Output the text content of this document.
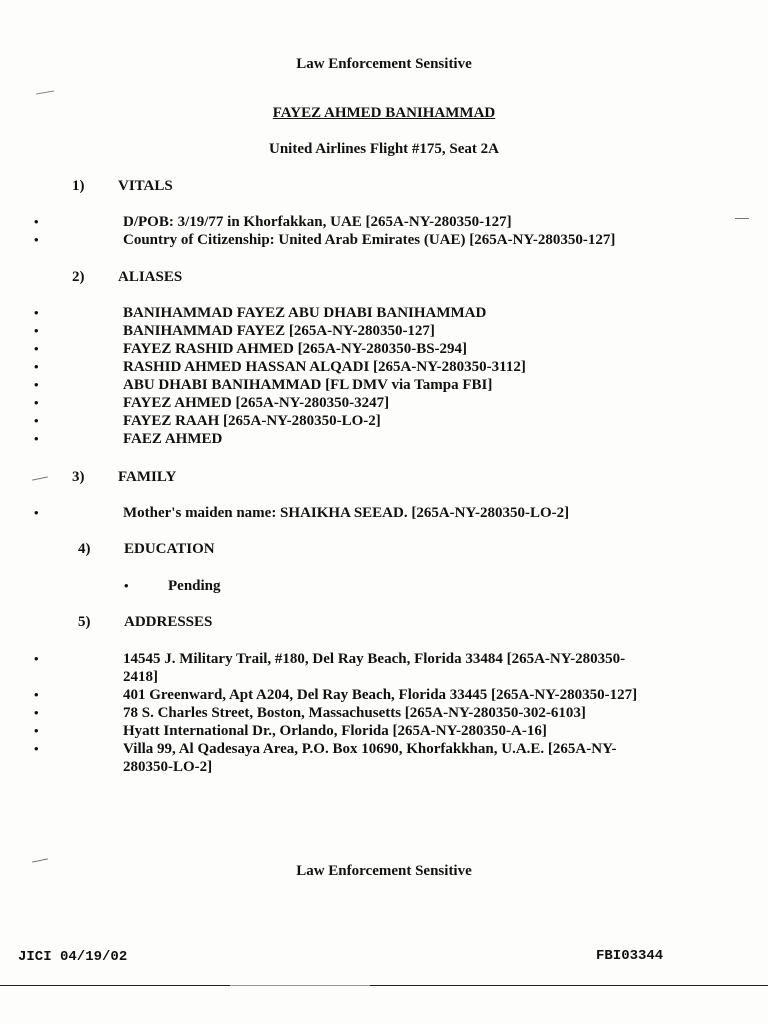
Law Enforcement Sensitive
FAYEZ AHMED BANIHAMMAD
United Airlines Flight #175, Seat 2A
1) VITALS
•	D/POB: 3/19/77 in Khorfakkan, UAE [265A-NY-280350-127]
•	Country of Citizenship: United Arab Emirates (UAE) [265A-NY-280350-127]
2) ALIASES
•	BANIHAMMAD FAYEZ ABU DHABI BANIHAMMAD
•	BANIHAMMAD FAYEZ [265A-NY-280350-127]
•	FAYEZ RASHID AHMED [265A-NY-280350-BS-294]
•	RASHID AHMED HASSAN ALQADI [265A-NY-280350-3112]
•	ABU DHABI BANIHAMMAD [FL DMV via Tampa FBI]
•	FAYEZ AHMED [265A-NY-280350-3247]
•	FAYEZ RAAH [265A-NY-280350-LO-2]
•	FAEZ AHMED
3) FAMILY
•	Mother's maiden name: SHAIKHA SEEAD. [265A-NY-280350-LO-2]
4) EDUCATION
•	Pending
5) ADDRESSES
•	14545 J. Military Trail, #180, Del Ray Beach, Florida 33484 [265A-NY-280350-
2418]
•	401 Greenward, Apt A204, Del Ray Beach, Florida 33445 [265A-NY-280350-127]
•	78 S. Charles Street, Boston, Massachusetts [265A-NY-280350-302-6103]
•	Hyatt International Dr., Orlando, Florida [265A-NY-280350-A-16]
•	Villa 99, Al Qadesaya Area, P.O. Box 10690, Khorfakkhan, U.A.E. [265A-NY-
280350-LO-2]
Law Enforcement Sensitive
JICI 04/19/02	FBI03344
